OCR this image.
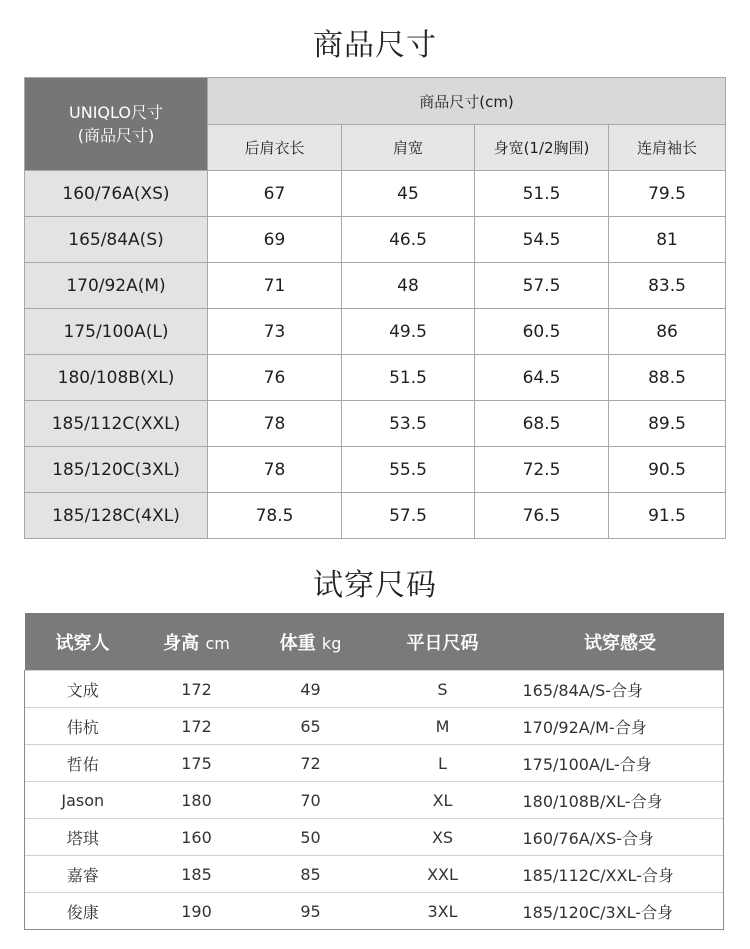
商品尺寸
UNIQLO尺寸
(商品尺寸)	商品尺寸(cm)			
	后肩衣长	肩宽	身宽(1/2胸围)	连肩袖长
160/76A(XS)	67	45	51.5	79.5
165/84A(S)	69	46.5	54.5	81
170/92A(M)	71	48	57.5	83.5
175/100A(L)	73	49.5	60.5	86
180/108B(XL)	76	51.5	64.5	88.5
185/112C(XXL)	78	53.5	68.5	89.5
185/120C(3XL)	78	55.5	72.5	90.5
185/128C(4XL)	78.5	57.5	76.5	91.5
试穿尺码
试穿人	身高 cm	体重 kg	平日尺码	试穿感受
文成	172	49	S	165/84A/S-合身
伟杭	172	65	M	170/92A/M-合身
哲佑	175	72	L	175/100A/L-合身
Jason	180	70	XL	180/108B/XL-合身
塔琪	160	50	XS	160/76A/XS-合身
嘉睿	185	85	XXL	185/112C/XXL-合身
俊康	190	95	3XL	185/120C/3XL-合身
